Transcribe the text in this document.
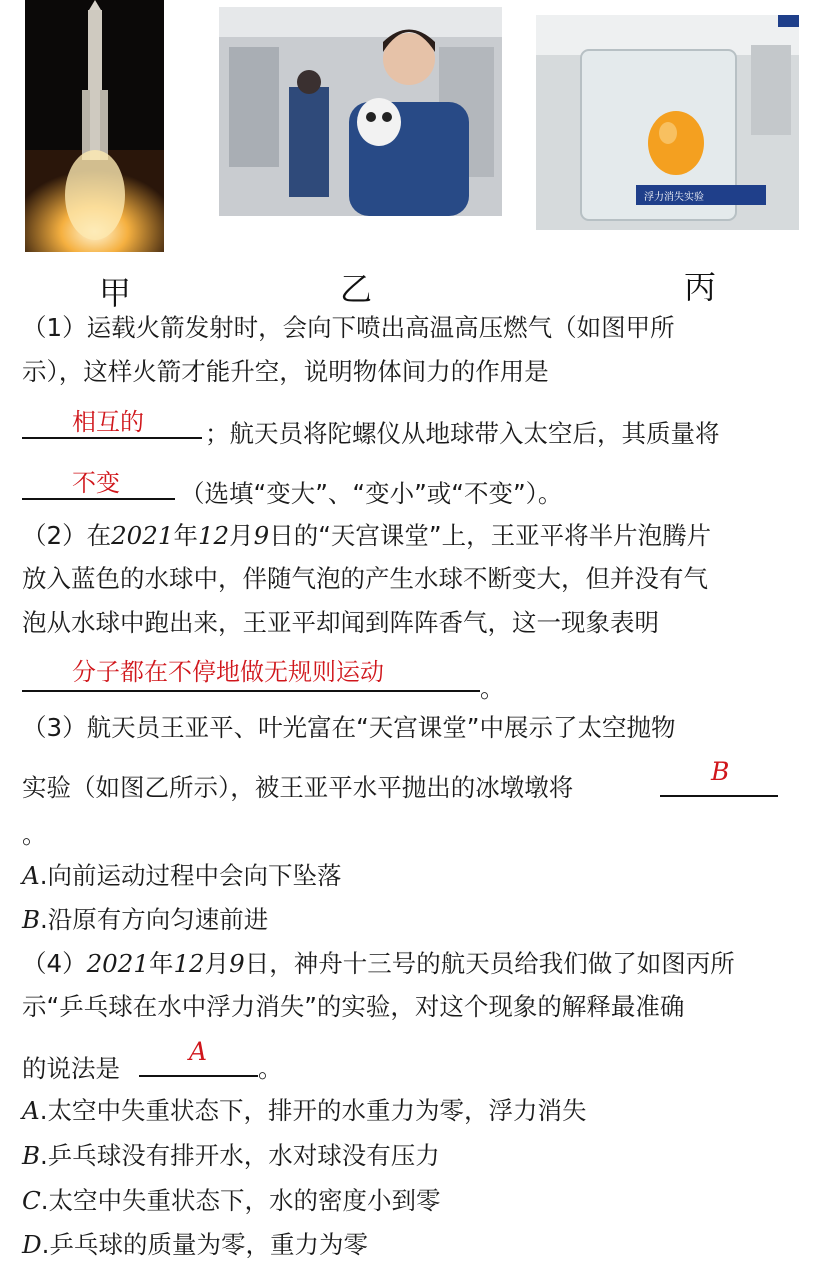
浮力消失实验
甲	乙	丙
（1）运载火箭发射时，会向下喷出高温高压燃气（如图甲所
示），这样火箭才能升空，说明物体间力的作用是
相互的 ；航天员将陀螺仪从地球带入太空后，其质量将
不变 （选填“变大”、“变小”或“不变”）。
（2）在2021年12月9日的“天宫课堂”上，王亚平将半片泡腾片
放入蓝色的水球中，伴随气泡的产生水球不断变大，但并没有气
泡从水球中跑出来，王亚平却闻到阵阵香气，这一现象表明
分子都在不停地做无规则运动
。
（3）航天员王亚平、叶光富在“天宫课堂”中展示了太空抛物
实验（如图乙所示），被王亚平水平抛出的冰墩墩将
B
。
A.向前运动过程中会向下坠落
B.沿原有方向匀速前进
（4）2021年12月9日，神舟十三号的航天员给我们做了如图丙所
示“乒乓球在水中浮力消失”的实验，对这个现象的解释最准确
的说法是
A
。
A.太空中失重状态下，排开的水重力为零，浮力消失
B.乒乓球没有排开水，水对球没有压力
C.太空中失重状态下，水的密度小到零
D.乒乓球的质量为零，重力为零
